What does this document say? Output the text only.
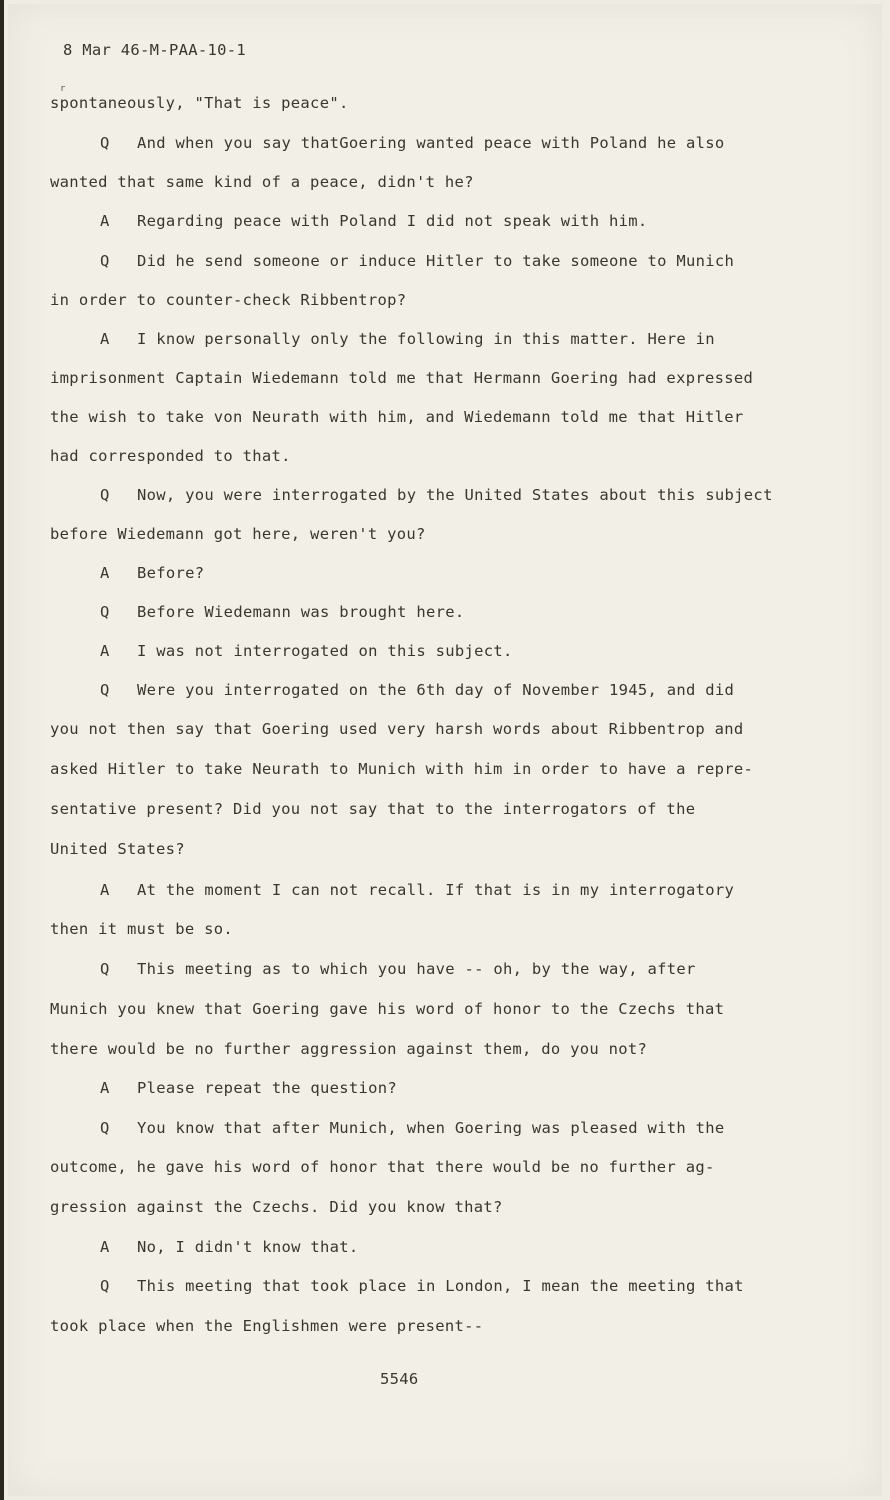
8 Mar 46-M-PAA-10-1
r
spontaneously, "That is peace".
Q And when you say thatGoering wanted peace with Poland he also
wanted that same kind of a peace, didn't he?
A Regarding peace with Poland I did not speak with him.
Q Did he send someone or induce Hitler to take someone to Munich
in order to counter-check Ribbentrop?
A I know personally only the following in this matter. Here in
imprisonment Captain Wiedemann told me that Hermann Goering had expressed
the wish to take von Neurath with him, and Wiedemann told me that Hitler
had corresponded to that.
Q Now, you were interrogated by the United States about this subject
before Wiedemann got here, weren't you?
A Before?
Q Before Wiedemann was brought here.
A I was not interrogated on this subject.
Q Were you interrogated on the 6th day of November 1945, and did
you not then say that Goering used very harsh words about Ribbentrop and
asked Hitler to take Neurath to Munich with him in order to have a repre-
sentative present? Did you not say that to the interrogators of the
United States?
A At the moment I can not recall. If that is in my interrogatory
then it must be so.
Q This meeting as to which you have -- oh, by the way, after
Munich you knew that Goering gave his word of honor to the Czechs that
there would be no further aggression against them, do you not?
A Please repeat the question?
Q You know that after Munich, when Goering was pleased with the
outcome, he gave his word of honor that there would be no further ag-
gression against the Czechs. Did you know that?
A No, I didn't know that.
Q This meeting that took place in London, I mean the meeting that
took place when the Englishmen were present--
5546
